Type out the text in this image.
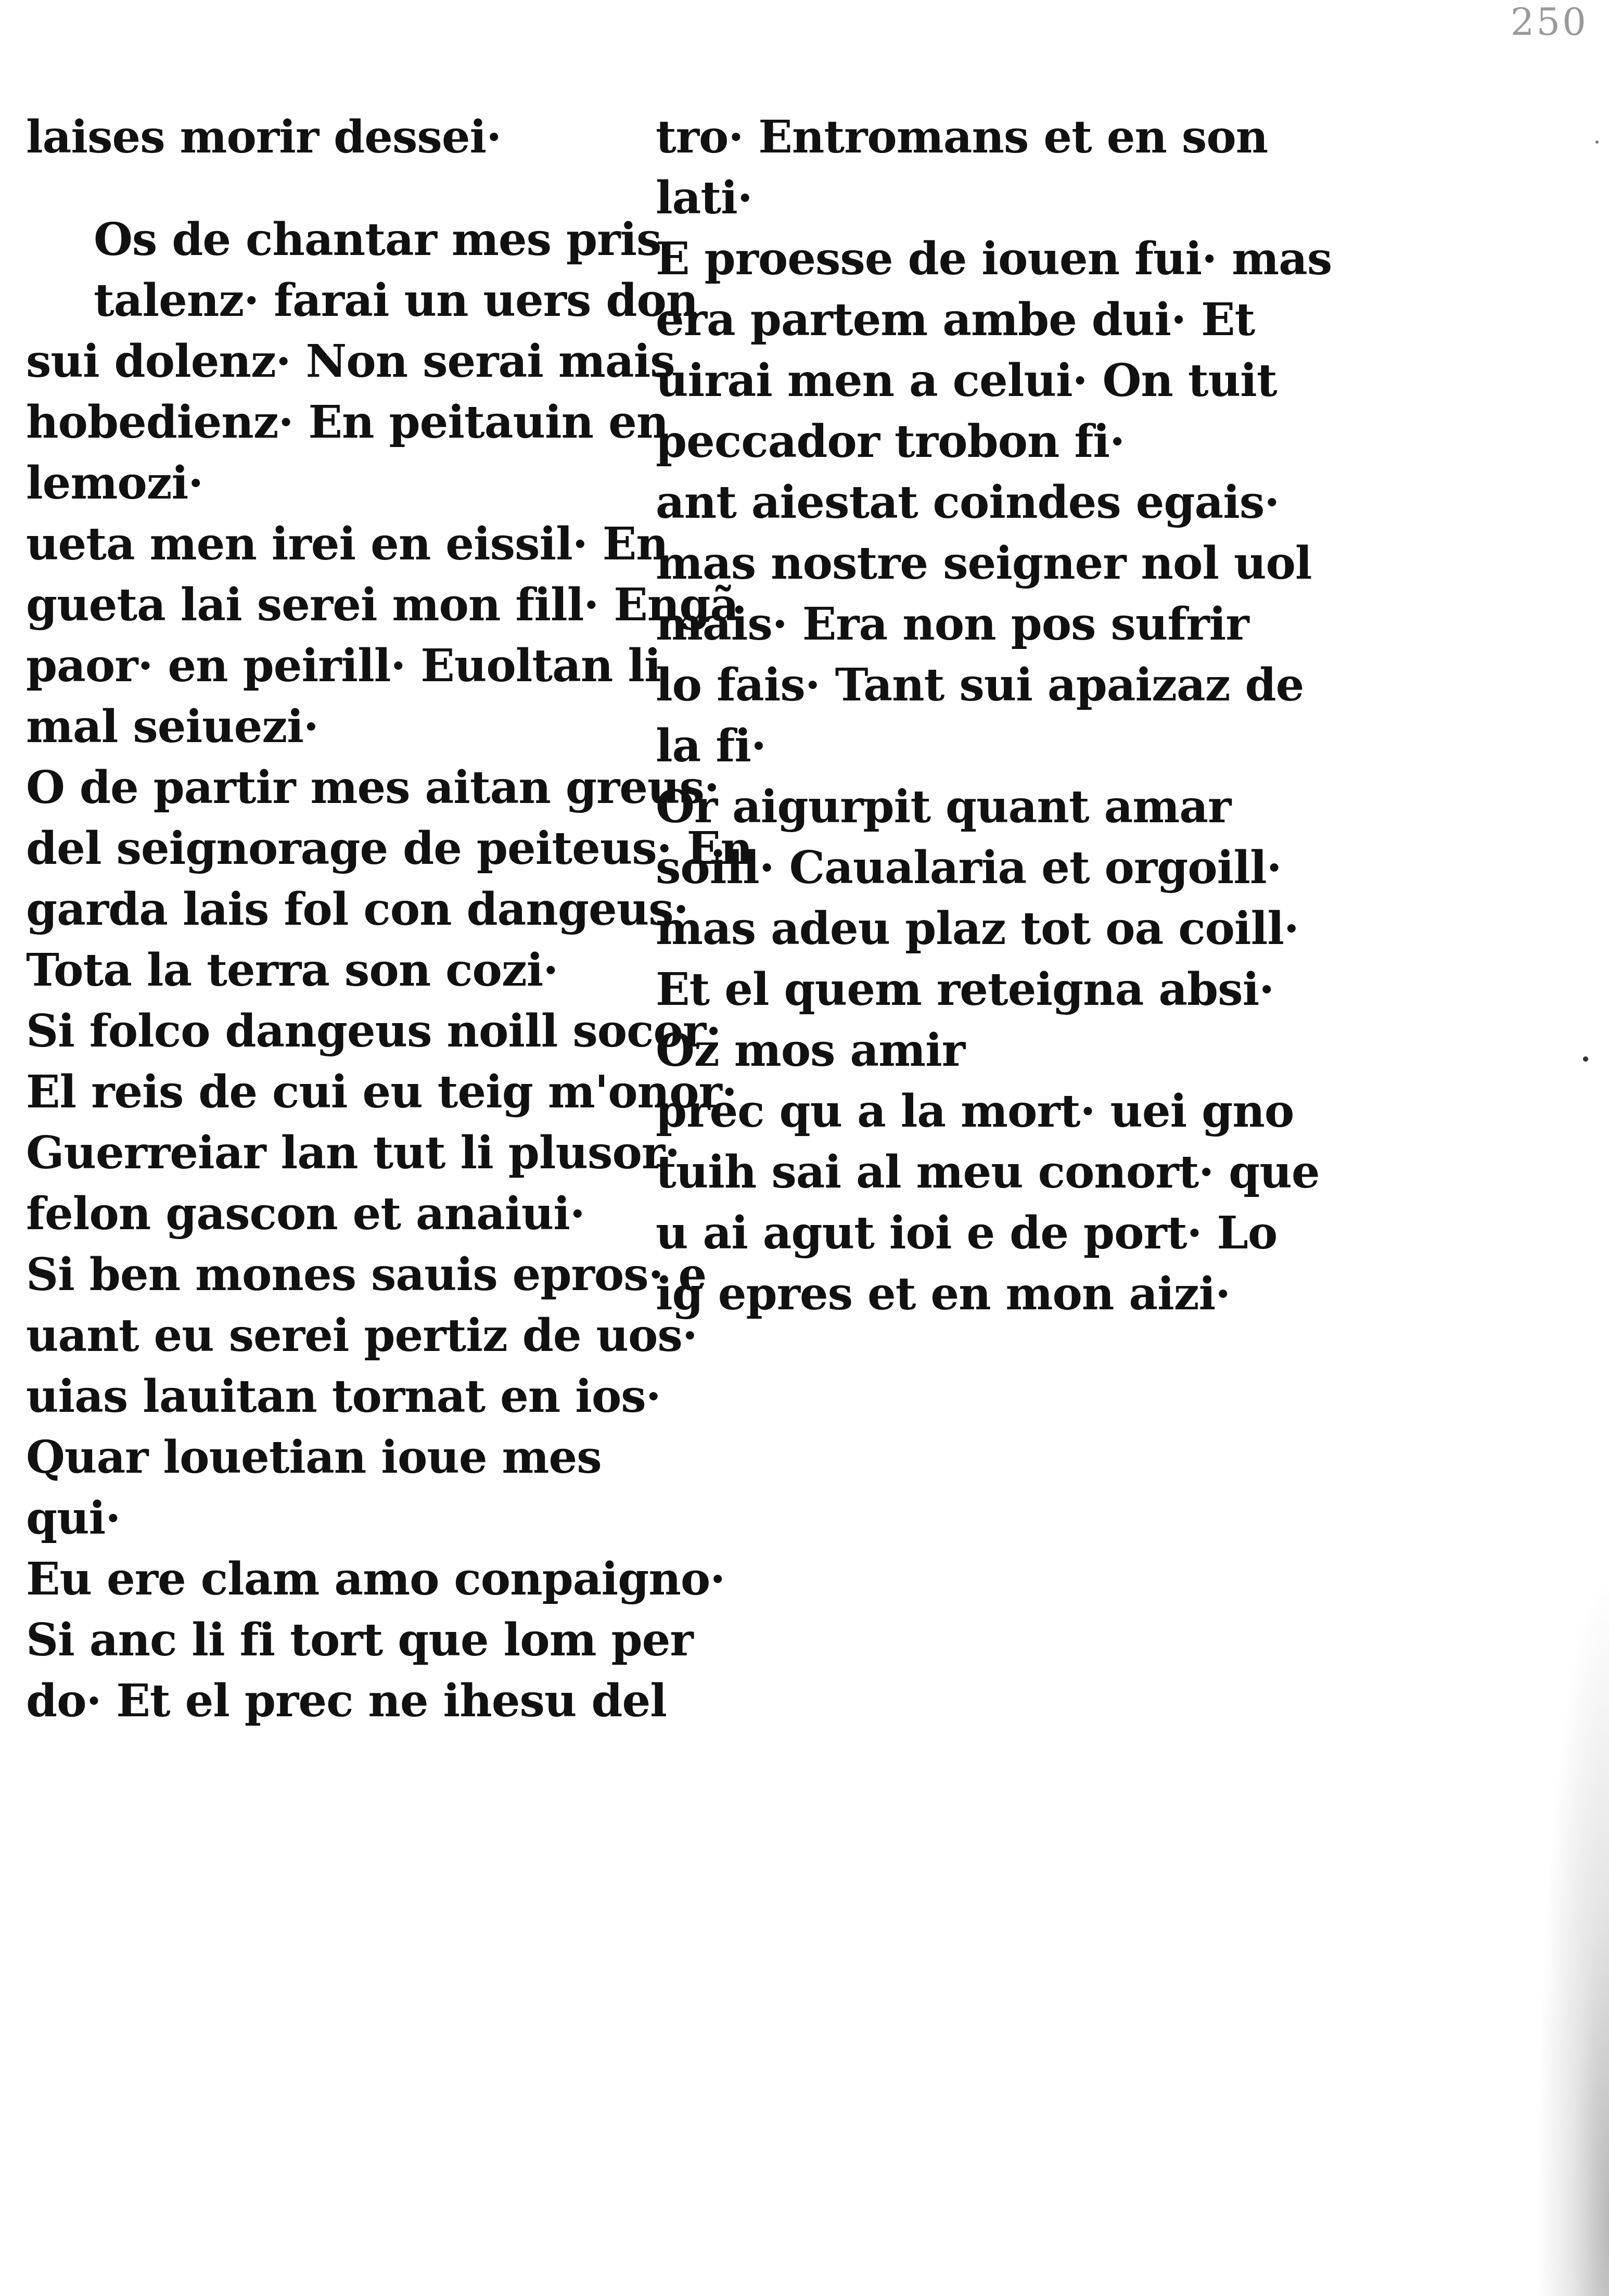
250
laises morir dessei·
Os de chantar mes pris
talenz· farai un uers don
sui dolenz· Non serai mais
hobedienz· En peitauin en
lemozi·
ueta men irei en eissil· En
gueta lai serei mon fill· Engã
paor· en peirill· Euoltan li
mal seiuezi·
O de partir mes aitan greus·
del seignorage de peiteus· En
garda lais fol con dangeus·
Tota la terra son cozi·
Si folco dangeus noill socor·
El reis de cui eu teig m'onor·
Guerreiar lan tut li plusor·
felon gascon et anaiui·
Si ben mones sauis epros· e
uant eu serei pertiz de uos·
uias lauitan tornat en ios·
Quar louetian ioue mes
qui·
Eu ere clam amo conpaigno·
Si anc li fi tort que lom per
do· Et el prec ne ihesu del
tro· Entromans et en son
lati·
E proesse de iouen fui· mas
era partem ambe dui· Et
uirai men a celui· On tuit
peccador trobon fi·
ant aiestat coindes egais·
mas nostre seigner nol uol
mais· Era non pos sufrir
lo fais· Tant sui apaizaz de
la fi·
Or aigurpit quant amar
soill· Caualaria et orgoill·
mas adeu plaz tot oa coill·
Et el quem reteigna absi·
Oz mos amir
prec qu a la mort· uei gno
tuih sai al meu conort· que
u ai agut ioi e de port· Lo
ig epres et en mon aizi·
